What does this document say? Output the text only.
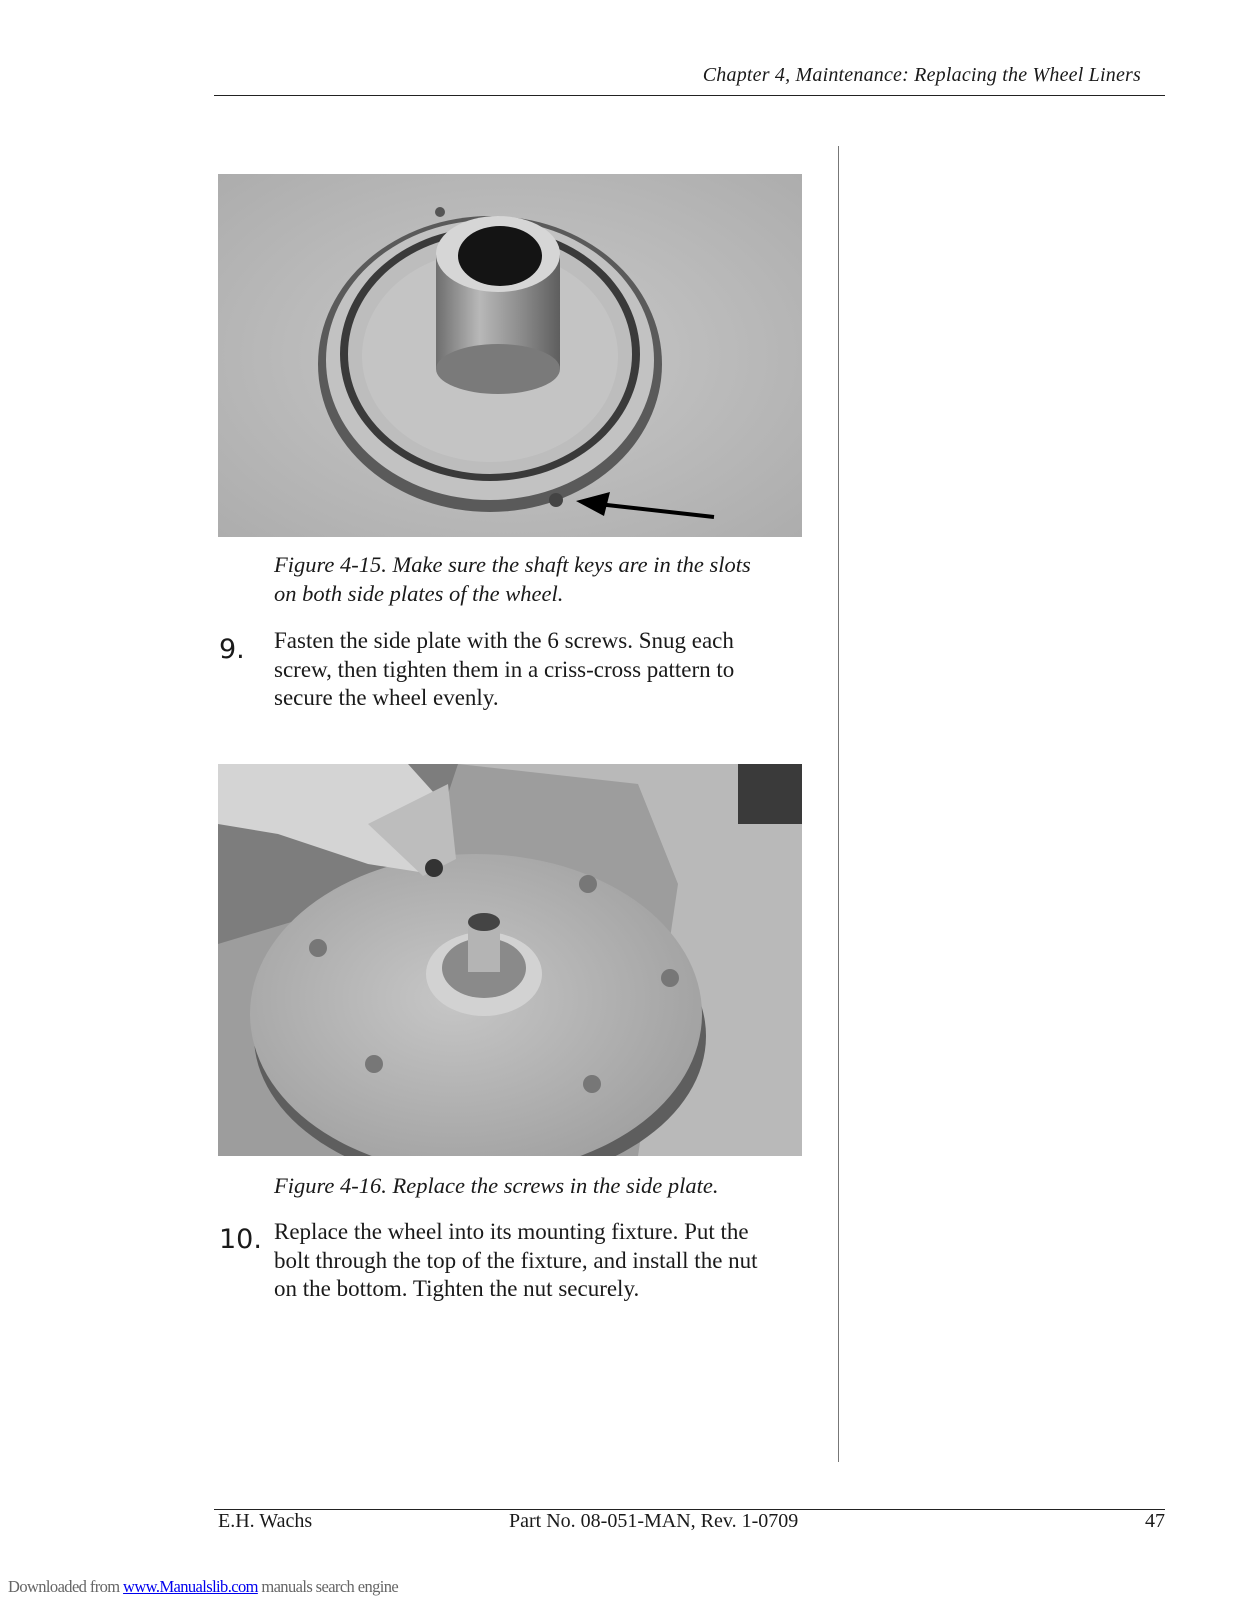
Chapter 4, Maintenance: Replacing the Wheel Liners
Figure 4-15. Make sure the shaft keys are in the slots
on both side plates of the wheel.
9. Fasten the side plate with the 6 screws. Snug each
screw, then tighten them in a criss-cross pattern to
secure the wheel evenly.
Figure 4-16. Replace the screws in the side plate.
10. Replace the wheel into its mounting fixture. Put the
bolt through the top of the fixture, and install the nut
on the bottom. Tighten the nut securely.
E.H. Wachs	Part No. 08-051-MAN, Rev. 1-0709	47
Downloaded from www.Manualslib.com manuals search engine
